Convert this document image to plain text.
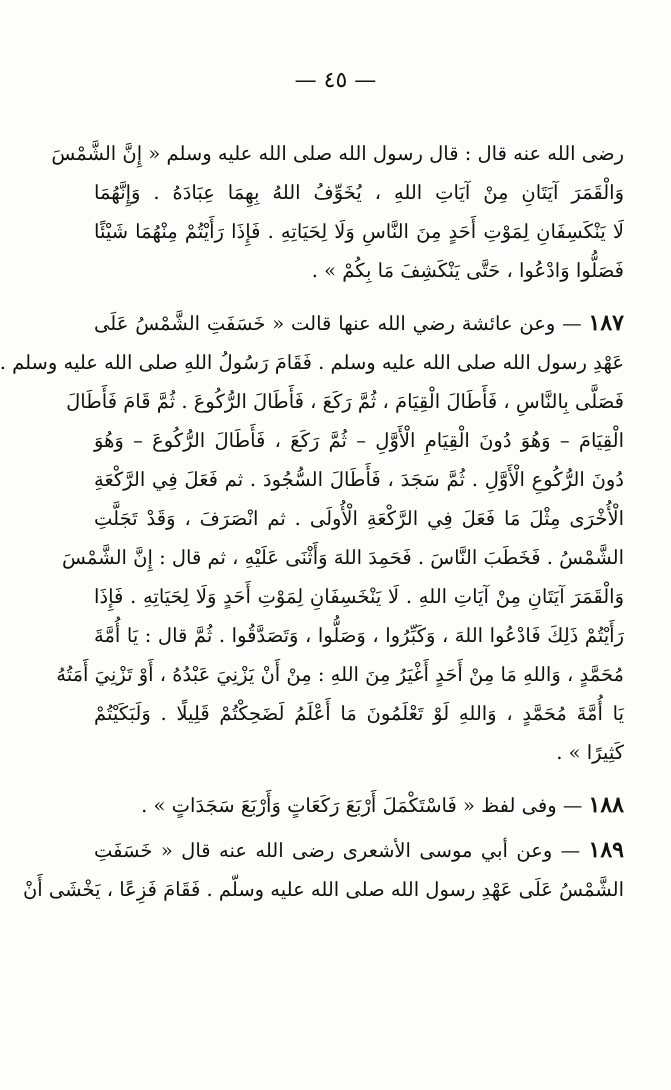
— ٤٥ —
رضى الله عنه قال : قال رسول الله صلى الله عليه وسلم « إِنَّ الشَّمْسَ
وَالْقَمَرَ آيَتَانِ مِنْ آيَاتِ اللهِ ، يُخَوِّفُ اللهُ بِهِمَا عِبَادَهُ . وَإِنَّهُمَا
لَا يَنْكَسِفَانِ لِمَوْتِ أَحَدٍ مِنَ النَّاسِ وَلَا لِحَيَاتِهِ . فَإِذَا رَأَيْتُمْ مِنْهُمَا شَيْئًا
فَصَلُّوا وَادْعُوا ، حَتَّى يَنْكَشِفَ مَا بِكُمْ » .
١٨٧ — وعن عائشة رضي الله عنها قالت « خَسَفَتِ الشَّمْسُ عَلَى
عَهْدِ رسول الله صلى الله عليه وسلم . فَقَامَ رَسُولُ اللهِ صلى الله عليه وسلم .
فَصَلَّى بِالنَّاسِ ، فَأَطَالَ الْقِيَامَ ، ثُمَّ رَكَعَ ، فَأَطَالَ الرُّكُوعَ . ثُمَّ قَامَ فَأَطَالَ
الْقِيَامَ – وَهُوَ دُونَ الْقِيَامِ الْأَوَّلِ – ثُمَّ رَكَعَ ، فَأَطَالَ الرُّكُوعَ – وَهُوَ
دُونَ الرُّكُوعِ الْأَوَّلِ . ثُمَّ سَجَدَ ، فَأَطَالَ السُّجُودَ . ثم فَعَلَ فِي الرَّكْعَةِ
الْأُخْرَى مِثْلَ مَا فَعَلَ فِي الرَّكْعَةِ الْأُولَى . ثم انْصَرَفَ ، وَقَدْ تَجَلَّتِ
الشَّمْسُ . فَخَطَبَ النَّاسَ . فَحَمِدَ اللهَ وَأَثْنَى عَلَيْهِ ، ثم قال : إِنَّ الشَّمْسَ
وَالْقَمَرَ آيَتَانِ مِنْ آيَاتِ اللهِ . لَا يَنْخَسِفَانِ لِمَوْتِ أَحَدٍ وَلَا لِحَيَاتِهِ . فَإِذَا
رَأَيْتُمْ ذَلِكَ فَادْعُوا اللهَ ، وَكَبِّرُوا ، وَصَلُّوا ، وَتَصَدَّقُوا . ثُمَّ قال : يَا أُمَّةَ
مُحَمَّدٍ ، وَاللهِ مَا مِنْ أَحَدٍ أَغْيَرُ مِنَ اللهِ : مِنْ أَنْ يَزْنِيَ عَبْدُهُ ، أَوْ تَزْنِيَ أَمَتُهُ
يَا أُمَّةَ مُحَمَّدٍ ، وَاللهِ لَوْ تَعْلَمُونَ مَا أَعْلَمُ لَضَحِكْتُمْ قَلِيلًا . وَلَبَكَيْتُمْ
كَثِيرًا » .
١٨٨ — وفى لفظ « فَاسْتَكْمَلَ أَرْبَعَ رَكَعَاتٍ وَأَرْبَعَ سَجَدَاتٍ » .
١٨٩ — وعن أبي موسى الأشعرى رضى الله عنه قال « خَسَفَتِ
الشَّمْسُ عَلَى عَهْدِ رسول الله صلى الله عليه وسلّم . فَقَامَ فَزِعًا ، يَخْشَى أَنْ
